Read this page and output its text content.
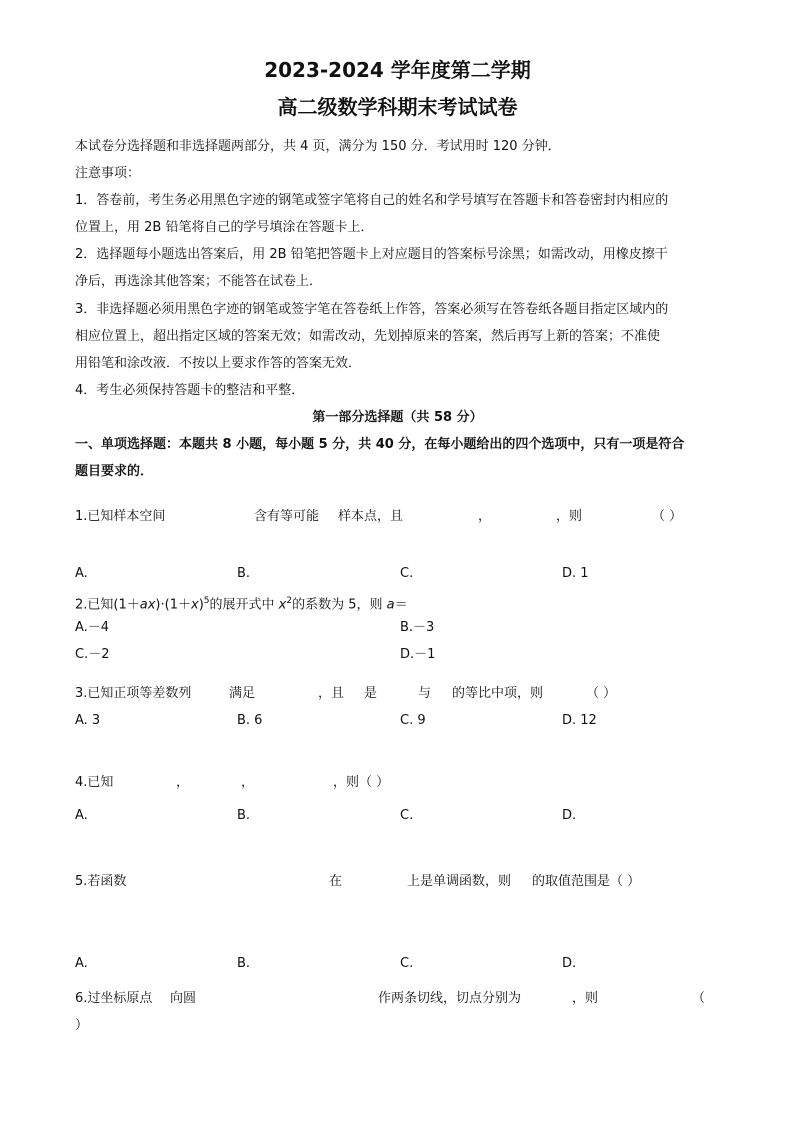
2023-2024 学年度第二学期
高二级数学科期末考试试卷
本试卷分选择题和非选择题两部分，共 4 页，满分为 150 分．考试用时 120 分钟．
注意事项：
1．答卷前，考生务必用黑色字迹的钢笔或签字笔将自己的姓名和学号填写在答题卡和答卷密封内相应的
位置上，用 2B 铅笔将自己的学号填涂在答题卡上．
2．选择题每小题选出答案后，用 2B 铅笔把答题卡上对应题目的答案标号涂黑；如需改动，用橡皮擦干
净后，再选涂其他答案；不能答在试卷上．
3．非选择题必须用黑色字迹的钢笔或签字笔在答卷纸上作答，答案必须写在答卷纸各题目指定区域内的
相应位置上，超出指定区域的答案无效；如需改动，先划掉原来的答案，然后再写上新的答案；不准使
用铅笔和涂改液．不按以上要求作答的答案无效．
4．考生必须保持答题卡的整洁和平整．
第一部分选择题（共 58 分）
一、单项选择题：本题共 8 小题，每小题 5 分，共 40 分，在每小题给出的四个选项中，只有一项是符合
题目要求的．
1.已知样本空间	含有等可能 样本点，且	，	，则	（ ）
A.	B.	C.	D. 1
2.已知$(1+ax)\cdot(1+x)^5$的展开式中 $x^2$的系数为 5，则 a＝
A.－4	B.－3
C.－2	D.－1
3.已知正项等差数列	满足	，且 是	与 的等比中项，则	（ ）
A. 3	B. 6	C. 9	D. 12
4.已知	，	，	，则（ ）
A.	B.	C.	D.
5.若函数	在	上是单调函数，则 的取值范围是（ ）
A.	B.	C.	D.
6.过坐标原点 向圆	作两条切线，切点分别为	，则	（
）
